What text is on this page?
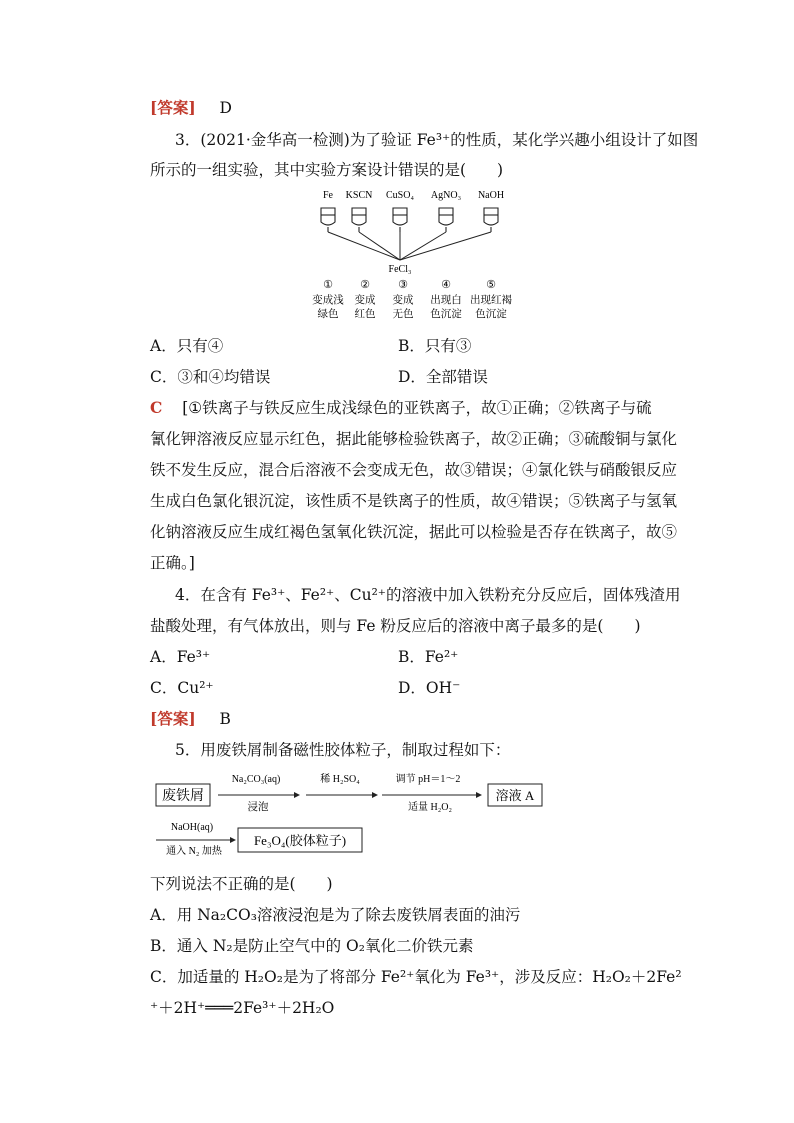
[答案] D
3．(2021·金华高一检测)为了验证 Fe³⁺的性质，某化学兴趣小组设计了如图
所示的一组实验，其中实验方案设计错误的是(　　)
Fe KSCN CuSO₄ AgNO₃ NaOH
FeCl₃
① ②	③	④	⑤
变成浅 变成 变成 出现白 出现红褐
绿色 红色 无色 色沉淀 色沉淀
A．只有④	B．只有③
C．③和④均错误	D．全部错误
C [①铁离子与铁反应生成浅绿色的亚铁离子，故①正确；②铁离子与硫
氰化钾溶液反应显示红色，据此能够检验铁离子，故②正确；③硫酸铜与氯化
铁不发生反应，混合后溶液不会变成无色，故③错误；④氯化铁与硝酸银反应
生成白色氯化银沉淀，该性质不是铁离子的性质，故④错误；⑤铁离子与氢氧
化钠溶液反应生成红褐色氢氧化铁沉淀，据此可以检验是否存在铁离子，故⑤
正确。]
4．在含有 Fe³⁺、Fe²⁺、Cu²⁺的溶液中加入铁粉充分反应后，固体残渣用
盐酸处理，有气体放出，则与 Fe 粉反应后的溶液中离子最多的是(　　)
A．Fe³⁺	B．Fe²⁺
C．Cu²⁺	D．OH⁻
[答案] B
5．用废铁屑制备磁性胶体粒子，制取过程如下：
废铁屑
Na₂CO₃(aq)
浸泡
稀 H₂SO₄	调节 pH＝1～2
适量 H₂O₂
溶液 A
NaOH(aq)
通入 N₂ 加热
Fe₃O₄(胶体粒子)
下列说法不正确的是(　　)
A．用 Na₂CO₃溶液浸泡是为了除去废铁屑表面的油污
B．通入 N₂是防止空气中的 O₂氧化二价铁元素
C．加适量的 H₂O₂是为了将部分 Fe²⁺氧化为 Fe³⁺，涉及反应：H₂O₂＋2Fe²
⁺＋2H⁺═══2Fe³⁺＋2H₂O
